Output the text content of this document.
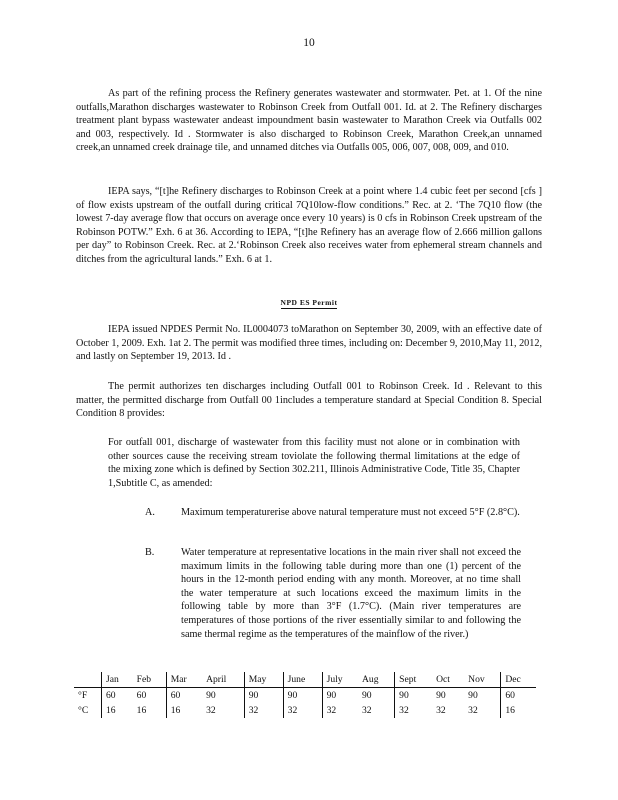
10

As part of the refining process the Refinery generates wastewater and stormwater. Pet. at 1. Of the nine outfalls,Marathon discharges wastewater to Robinson Creek from Outfall 001. Id. at 2. The Refinery discharges treatment plant bypass wastewater andeast impoundment basin wastewater to Marathon Creek via Outfalls 002 and 003, respectively. Id . Stormwater is also discharged to Robinson Creek, Marathon Creek,an unnamed creek,an unnamed creek drainage tile, and unnamed ditches via Outfalls 005, 006, 007, 008, 009, and 010.

IEPA says, “[t]he Refinery discharges to Robinson Creek at a point where 1.4 cubic feet per second [cfs ] of flow exists upstream of the outfall during critical 7Q10low-flow conditions.” Rec. at 2. ‘The 7Q10 flow (the lowest 7-day average flow that occurs on average once every 10 years) is 0 cfs in Robinson Creek upstream of the Robinson POTW.” Exh. 6 at 36. According to IEPA, “[t]he Refinery has an average flow of 2.666 million gallons per day” to Robinson Creek. Rec. at 2.‘Robinson Creek also receives water from ephemeral stream channels and ditches from the agricultural lands.” Exh. 6 at 1.

NPD ES Permit

IEPA issued NPDES Permit No. IL0004073 toMarathon on September 30, 2009, with an effective date of October 1, 2009. Exh. 1at 2. The permit was modified three times, including on: December 9, 2010,May 11, 2012, and lastly on September 19, 2013. Id .

The permit authorizes ten discharges including Outfall 001 to Robinson Creek. Id . Relevant to this matter, the permitted discharge from Outfall 00 1includes a temperature standard at Special Condition 8. Special Condition 8 provides:

For outfall 001, discharge of wastewater from this facility must not alone or in combination with other sources cause the receiving stream toviolate the following thermal limitations at the edge of the mixing zone which is defined by Section 302.211, Illinois Administrative Code, Title 35, Chapter 1,Subtitle C, as amended:

A.	Maximum temperaturerise above natural temperature must not exceed 5°F (2.8°C).

B.	Water temperature at representative locations in the main river shall not exceed the maximum limits in the following table during more than one (1) percent of the hours in the 12-month period ending with any month. Moreover, at no time shall the water temperature at such locations exceed the maximum limits in the following table by more than 3°F (1.7°C). (Main river temperatures are temperatures of those portions of the river essentially similar to and following the same thermal regime as the temperatures of the mainflow of the river.)

	Jan	Feb	Mar	April	May	June	July	Aug	Sept	Oct	Nov	Dec
°F	60	60	60	90	90	90	90	90	90	90	90	60
°C	16	16	16	32	32	32	32	32	32	32	32	16
